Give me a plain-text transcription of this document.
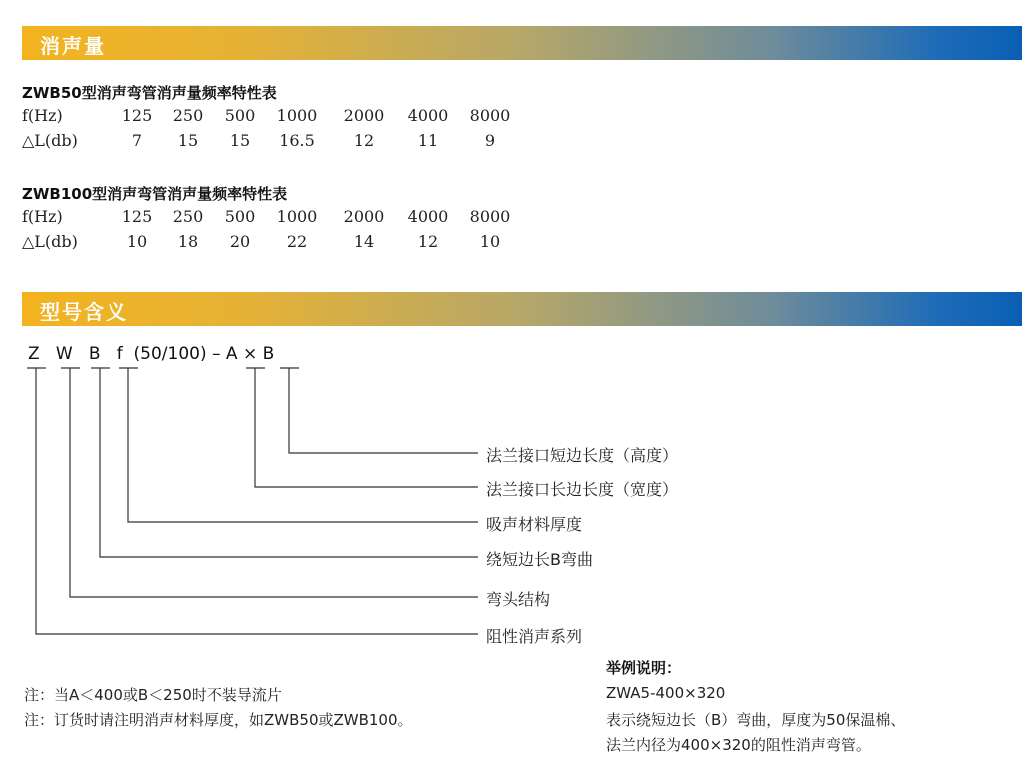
消声量
ZWB50型消声弯管消声量频率特性表
f(Hz)	125	250	500	1000	2000	4000	8000
△L(db)	7	15	15	16.5	12	11	9
ZWB100型消声弯管消声量频率特性表
f(Hz)	125	250	500	1000	2000	4000	8000
△L(db)	10	18	20	22	14	12	10
型号含义
Z   W   B   f  (50/100) – A × B
法兰接口短边长度（高度）
法兰接口长边长度（宽度）
吸声材料厚度
绕短边长B弯曲
弯头结构
阻性消声系列
注：当A＜400或B＜250时不装导流片
注：订货时请注明消声材料厚度，如ZWB50或ZWB100。
举例说明：
ZWA5-400×320
表示绕短边长（B）弯曲，厚度为50保温棉、
法兰内径为400×320的阻性消声弯管。
